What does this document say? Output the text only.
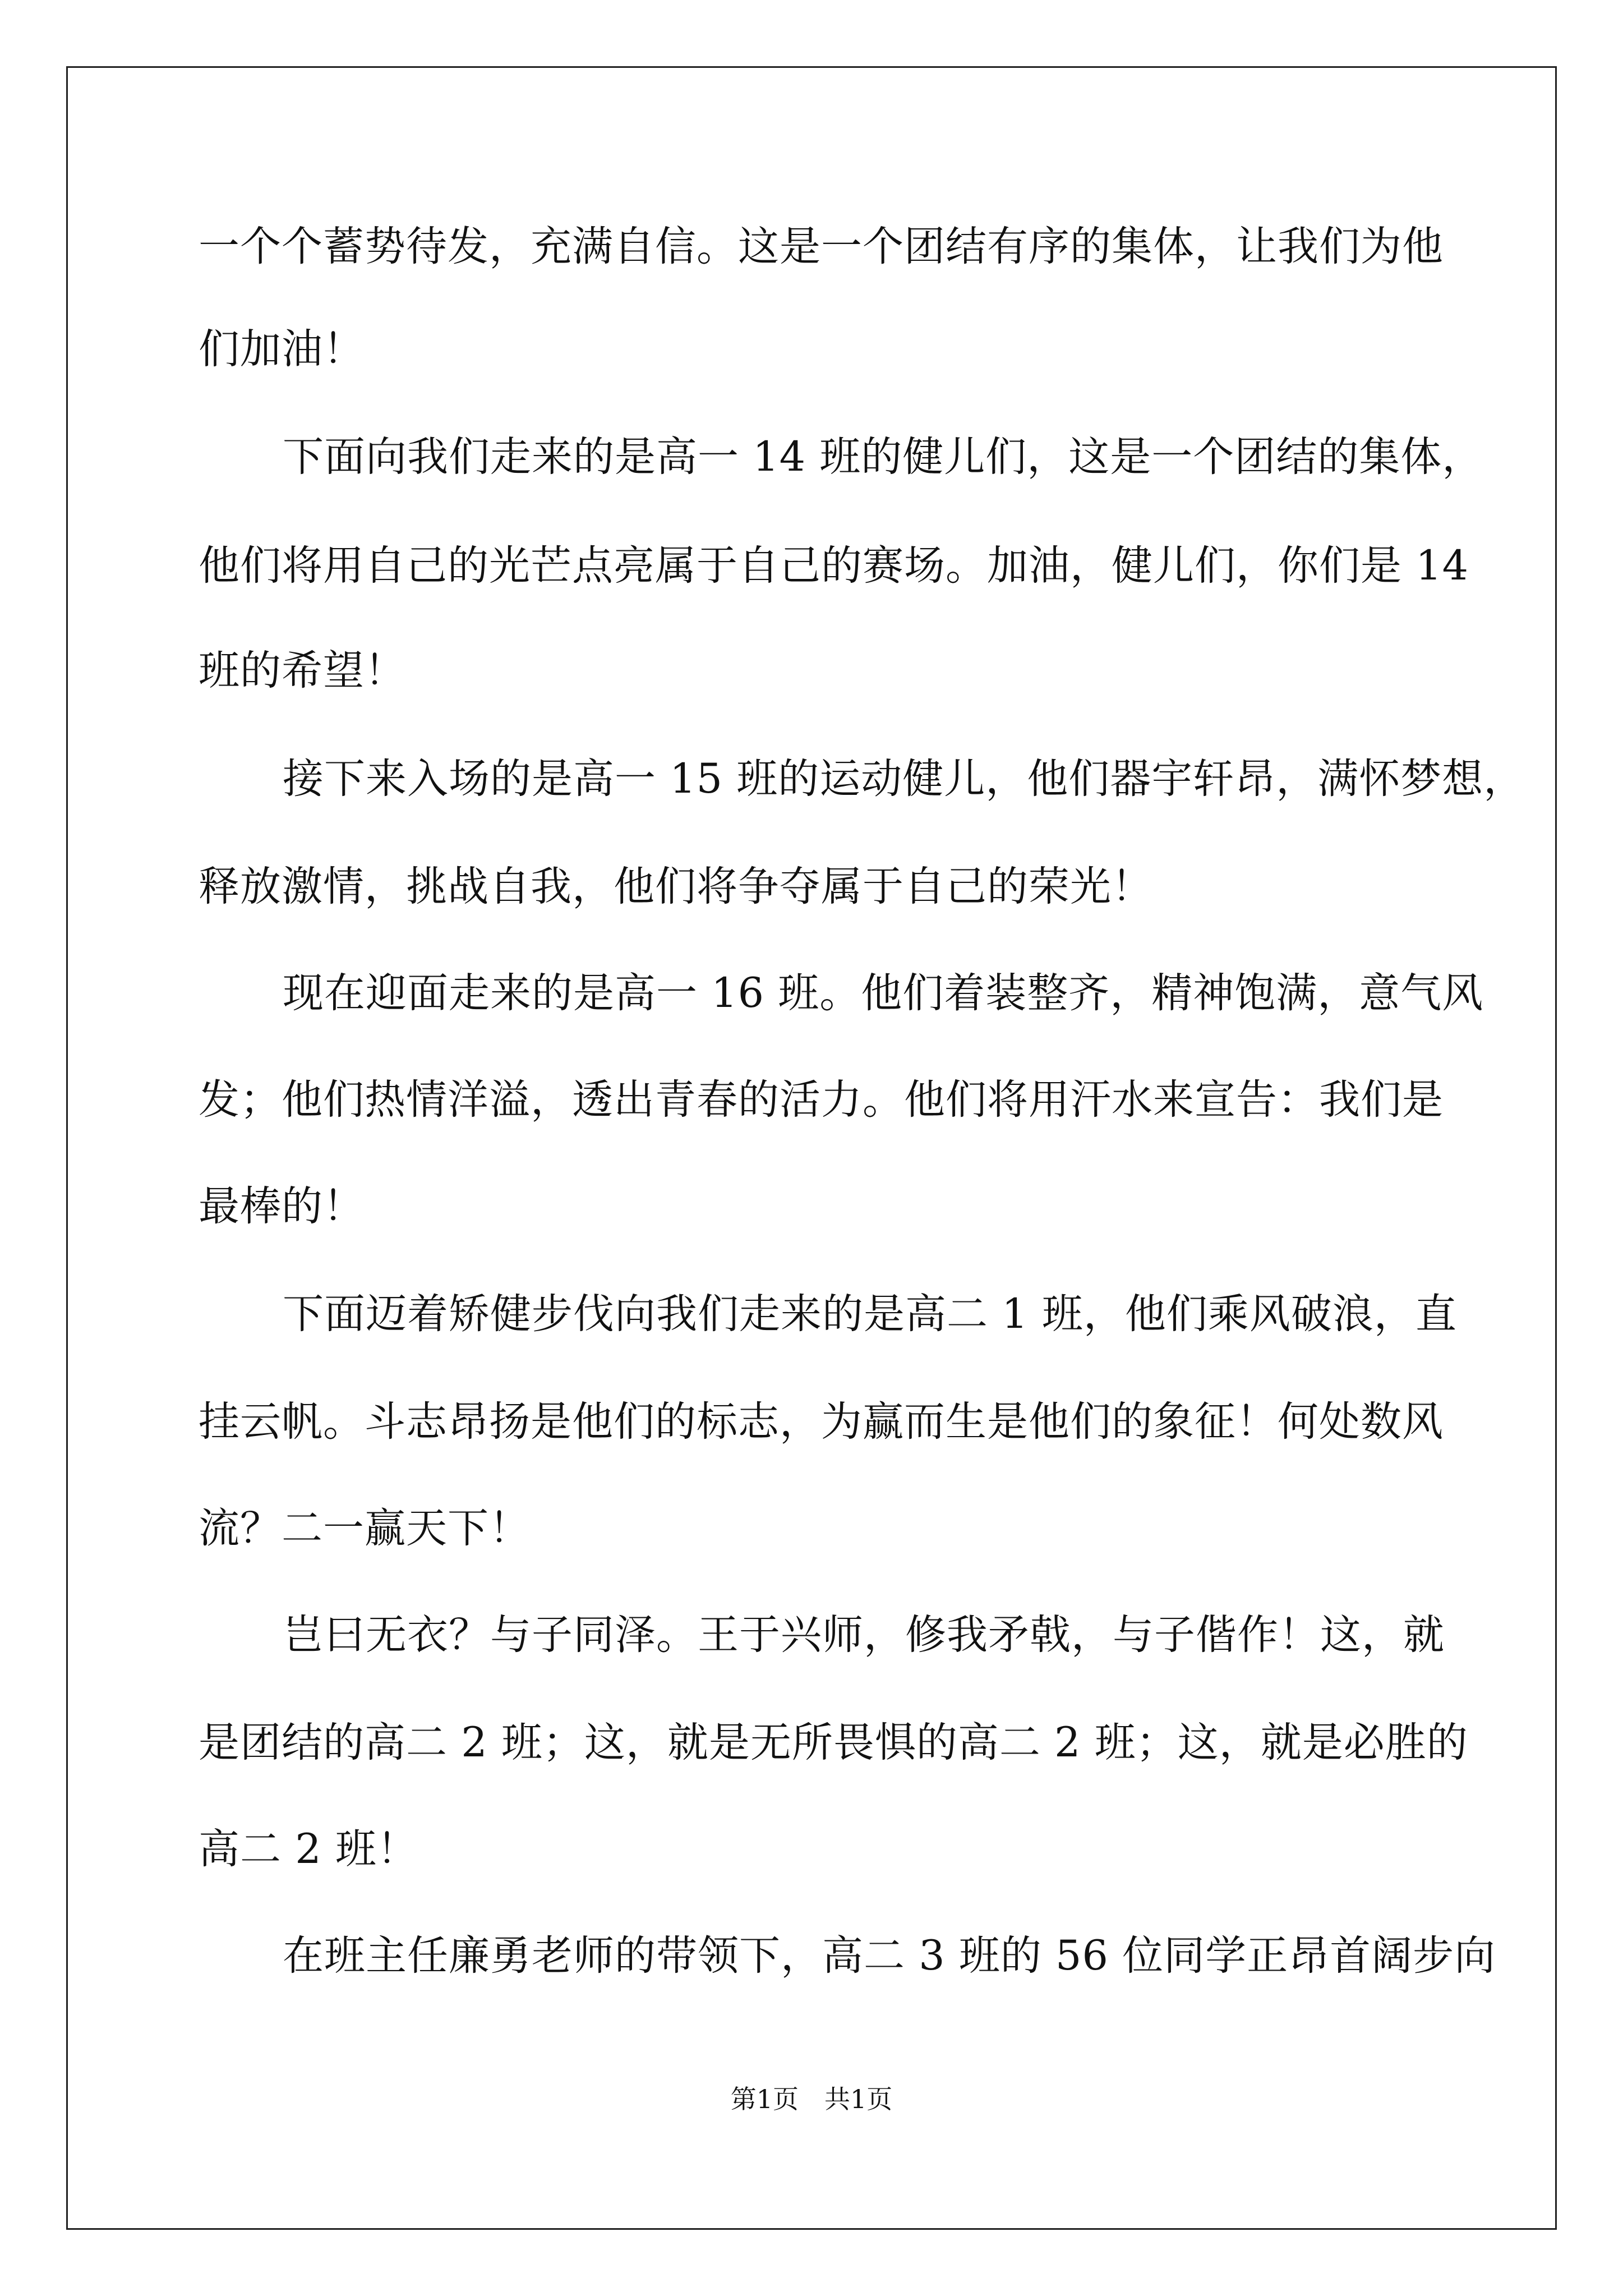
一个个蓄势待发，充满自信。这是一个团结有序的集体，让我们为他
们加油！
下面向我们走来的是高一 14 班的健儿们，这是一个团结的集体，
他们将用自己的光芒点亮属于自己的赛场。加油，健儿们，你们是 14
班的希望！
接下来入场的是高一 15 班的运动健儿，他们器宇轩昂，满怀梦想，
释放激情，挑战自我，他们将争夺属于自己的荣光！
现在迎面走来的是高一 16 班。他们着装整齐，精神饱满，意气风
发；他们热情洋溢，透出青春的活力。他们将用汗水来宣告：我们是
最棒的！
下面迈着矫健步伐向我们走来的是高二 1 班，他们乘风破浪，直
挂云帆。斗志昂扬是他们的标志，为赢而生是他们的象征！何处数风
流？二一赢天下！
岂曰无衣？与子同泽。王于兴师，修我矛戟，与子偕作！这，就
是团结的高二 2 班；这，就是无所畏惧的高二 2 班；这，就是必胜的
高二 2 班！
在班主任廉勇老师的带领下，高二 3 班的 56 位同学正昂首阔步向
第1页　共1页
